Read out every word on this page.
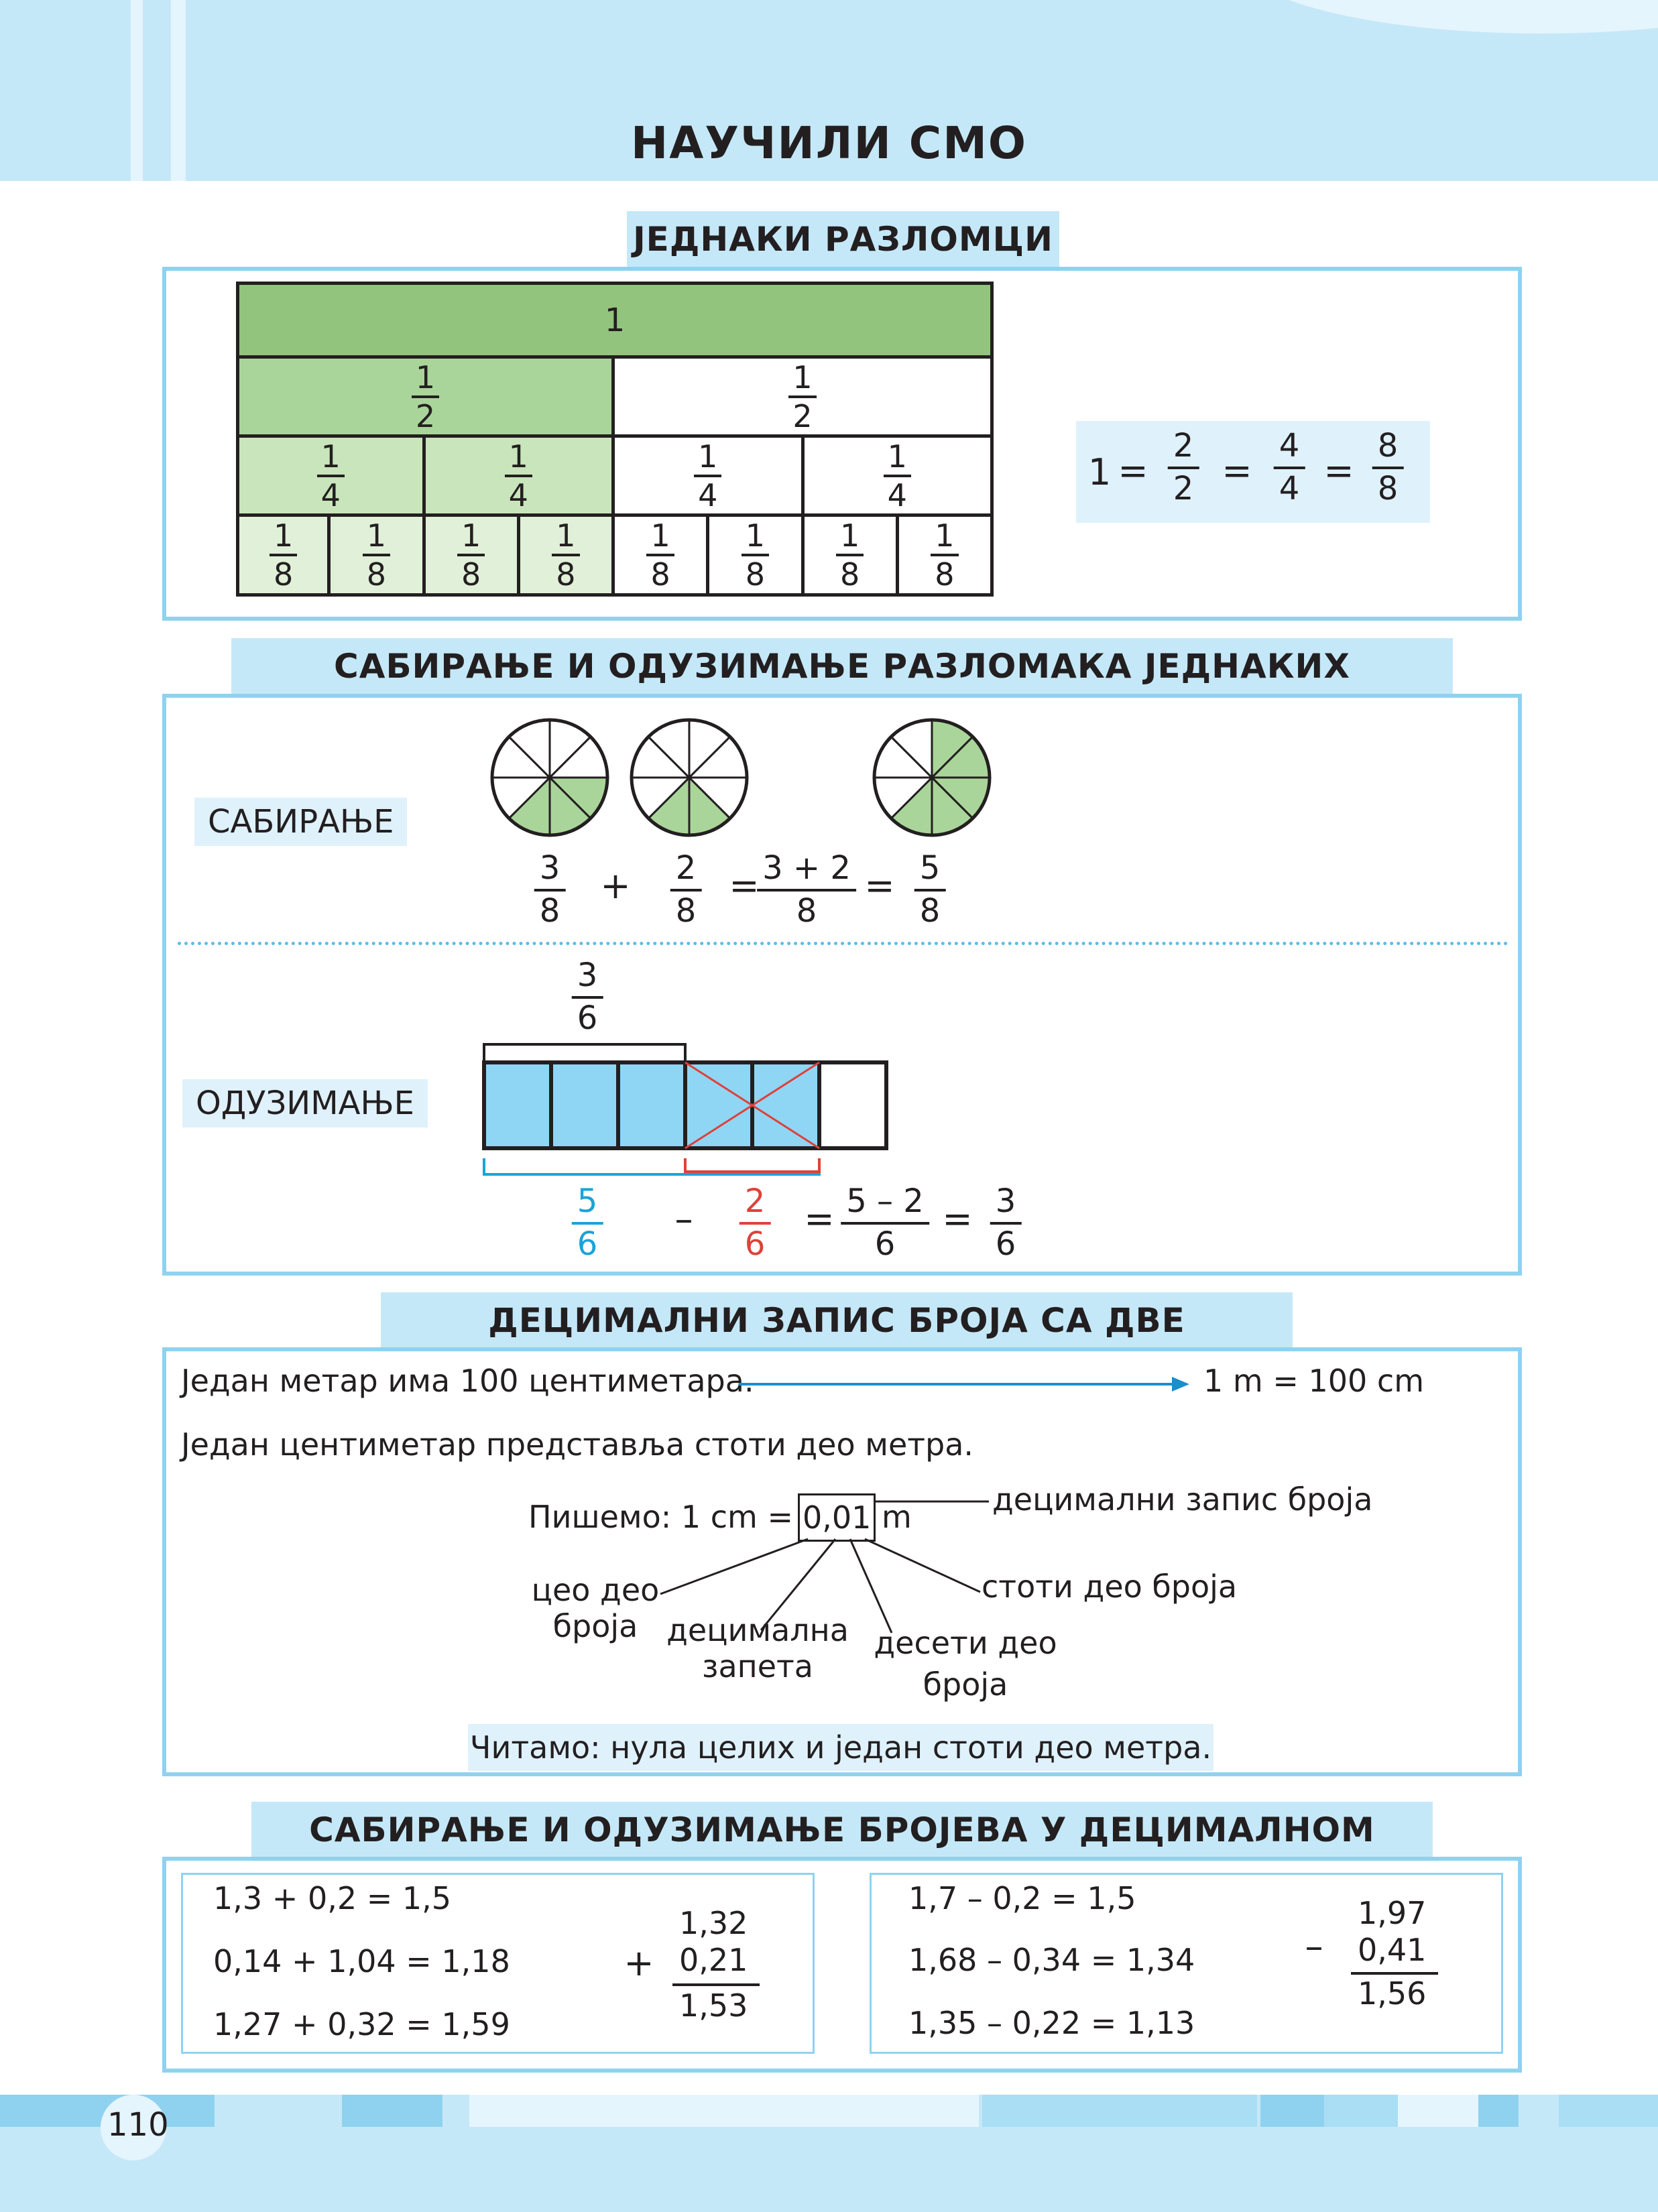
НАУЧИЛИ СМО
ЈЕДНАКИ РАЗЛОМЦИ
1
1
2
1
2
1
4
1
4
1
4
1
4
1
8
1
8
1
8
1
8
1
8
1
8
1
8
1
8
1 =
2
2 =
4
4 =
8
8
САБИРАЊЕ И ОДУЗИМАЊЕ РАЗЛОМАКА ЈЕДНАКИХ
САБИРАЊЕ
3
8
+ 2
8
= 3 + 2
8
= 5
8
3
6
ОДУЗИМАЊЕ
5
6
– 2
6
= 5 – 2
6
= 3
6
ДЕЦИМАЛНИ ЗАПИС БРОЈА СА ДВЕ
Један метар има 100 центиметара.	1 m = 100 cm
Један центиметар представља стоти део метра.
Пишемо: 1 cm = 0,01 m	децимални запис броја
цео део броја децимална запета
десети део броја
стоти део броја
Читамо: нула целих и један стоти део метра.
САБИРАЊЕ И ОДУЗИМАЊЕ БРОЈЕВА У ДЕЦИМАЛНОМ
1,3 + 0,2 = 1,5
0,14 + 1,04 = 1,18
1,27 + 0,32 = 1,59
+
1,32
0,21
1,53
1,7 – 0,2 = 1,5
1,68 – 0,34 = 1,34
1,35 – 0,22 = 1,13
–
1,97
0,41
1,56
110
